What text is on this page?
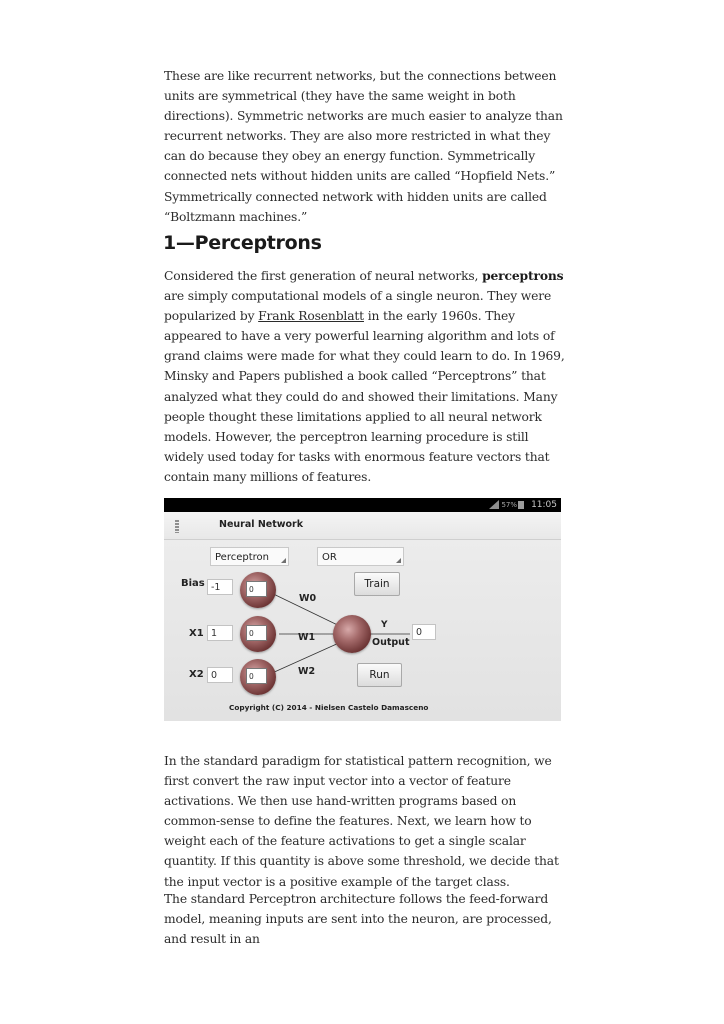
These are like recurrent networks, but the connections between units are symmetrical (they have the same weight in both directions). Symmetric networks are much easier to analyze than recurrent networks. They are also more restricted in what they can do because they obey an energy function. Symmetrically connected nets without hidden units are called “Hopfield Nets.” Symmetrically connected network with hidden units are called “Boltzmann machines.”

1—Perceptrons

Considered the first generation of neural networks, perceptrons are simply computational models of a single neuron. They were popularized by Frank Rosenblatt in the early 1960s. They appeared to have a very powerful learning algorithm and lots of grand claims were made for what they could learn to do. In 1969, Minsky and Papers published a book called “Perceptrons” that analyzed what they could do and showed their limitations. Many people thought these limitations applied to all neural network models. However, the perceptron learning procedure is still widely used today for tasks with enormous feature vectors that contain many millions of features.

57% 11:05
Neural Network
Perceptron	OR
Bias -1	0
W0
Train
X1 1	0	W1
Y
Output
0
X2 0	0	W2	Run
Copyright (C) 2014 - Nielsen Castelo Damasceno

In the standard paradigm for statistical pattern recognition, we first convert the raw input vector into a vector of feature activations. We then use hand-written programs based on common-sense to define the features. Next, we learn how to weight each of the feature activations to get a single scalar quantity. If this quantity is above some threshold, we decide that the input vector is a positive example of the target class.

The standard Perceptron architecture follows the feed-forward model, meaning inputs are sent into the neuron, are processed, and result in an
